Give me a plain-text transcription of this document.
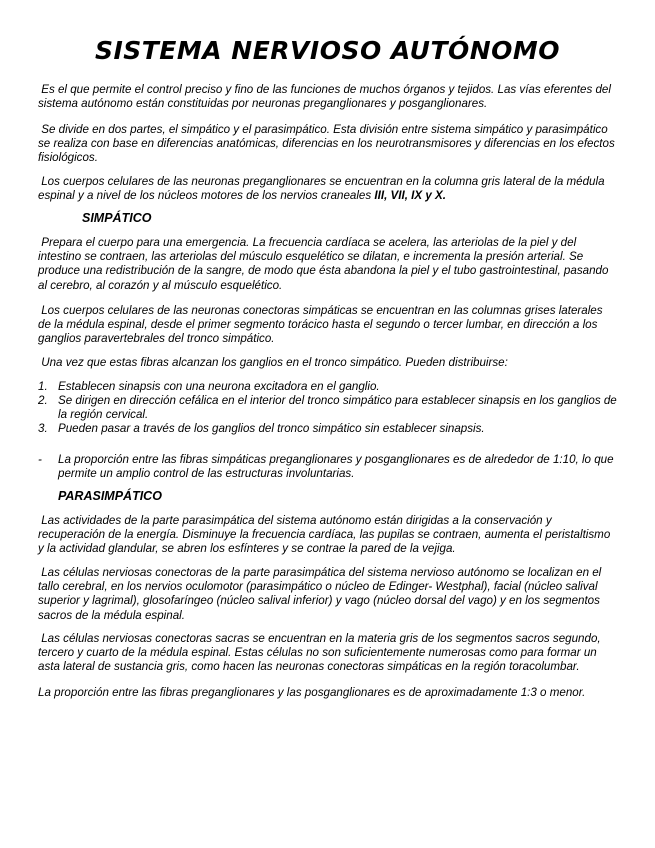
SISTEMA NERVIOSO AUTÓNOMO

Es el que permite el control preciso y fino de las funciones de muchos órganos y tejidos. Las vías eferentes del sistema autónomo están constituidas por neuronas preganglionares y posganglionares.

Se divide en dos partes, el simpático y el parasimpático. Esta división entre sistema simpático y parasimpático se realiza con base en diferencias anatómicas, diferencias en los neurotransmisores y diferencias en los efectos fisiológicos.

Los cuerpos celulares de las neuronas preganglionares se encuentran en la columna gris lateral de la médula espinal y a nivel de los núcleos motores de los nervios craneales III, VII, IX y X.

SIMPÁTICO

Prepara el cuerpo para una emergencia. La frecuencia cardíaca se acelera, las arteriolas de la piel y del intestino se contraen, las arteriolas del músculo esquelético se dilatan, e incrementa la presión arterial. Se produce una redistribución de la sangre, de modo que ésta abandona la piel y el tubo gastrointestinal, pasando al cerebro, al corazón y al músculo esquelético.

Los cuerpos celulares de las neuronas conectoras simpáticas se encuentran en las columnas grises laterales de la médula espinal, desde el primer segmento torácico hasta el segundo o tercer lumbar, en dirección a los ganglios paravertebrales del tronco simpático.

Una vez que estas fibras alcanzan los ganglios en el tronco simpático. Pueden distribuirse:

1. Establecen sinapsis con una neurona excitadora en el ganglio.
2. Se dirigen en dirección cefálica en el interior del tronco simpático para establecer sinapsis en los ganglios de la región cervical.
3. Pueden pasar a través de los ganglios del tronco simpático sin establecer sinapsis.
-	La proporción entre las fibras simpáticas preganglionares y posganglionares es de alrededor de 1:10, lo que permite un amplio control de las estructuras involuntarias.
PARASIMPÁTICO

Las actividades de la parte parasimpática del sistema autónomo están dirigidas a la conservación y recuperación de la energía. Disminuye la frecuencia cardíaca, las pupilas se contraen, aumenta el peristaltismo y la actividad glandular, se abren los esfínteres y se contrae la pared de la vejiga.

Las células nerviosas conectoras de la parte parasimpática del sistema nervioso autónomo se localizan en el tallo cerebral, en los nervios oculomotor (parasimpático o núcleo de Edinger- Westphal), facial (núcleo salival superior y lagrimal), glosofaríngeo (núcleo salival inferior) y vago (núcleo dorsal del vago) y en los segmentos sacros de la médula espinal.

Las células nerviosas conectoras sacras se encuentran en la materia gris de los segmentos sacros segundo, tercero y cuarto de la médula espinal. Estas células no son suficientemente numerosas como para formar un asta lateral de sustancia gris, como hacen las neuronas conectoras simpáticas en la región toracolumbar.

La proporción entre las fibras preganglionares y las posganglionares es de aproximadamente 1:3 o menor.
